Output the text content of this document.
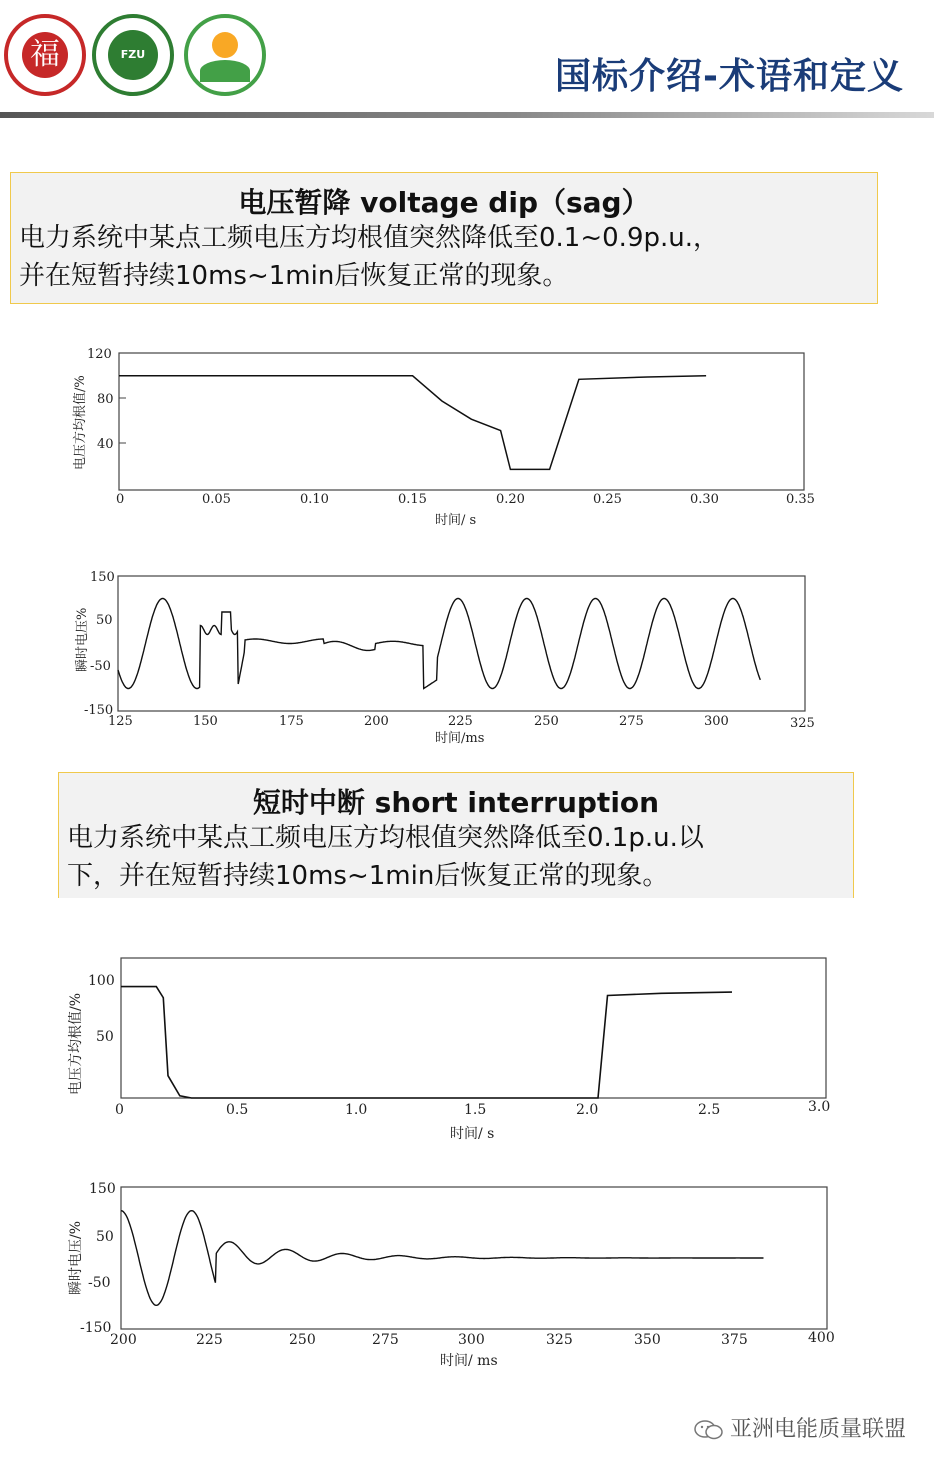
福	FZU
国标介绍-术语和定义
电压暂降 voltage dip（sag）
电力系统中某点工频电压方均根值突然降低至0.1~0.9p.u.，
并在短暂持续10ms~1min后恢复正常的现象。
120
80
40
0	0.05	0.10	0.15	0.20	0.25	0.30	0.35
时间/ s
电压方均根值/%
150
50
-50
-150
125	150	175	200	225	250	275	300	325
时间/ms
瞬时电压%
短时中断 short interruption
电力系统中某点工频电压方均根值突然降低至0.1p.u.以
下，并在短暂持续10ms~1min后恢复正常的现象。
100
50
0	0.5	1.0	1.5	2.0	2.5	3.0
时间/ s
电压方均根值/%
150
50
-50
-150
200	225	250	275	300	325	350	375	400
时间/ ms
瞬时电压/%
亚洲电能质量联盟
